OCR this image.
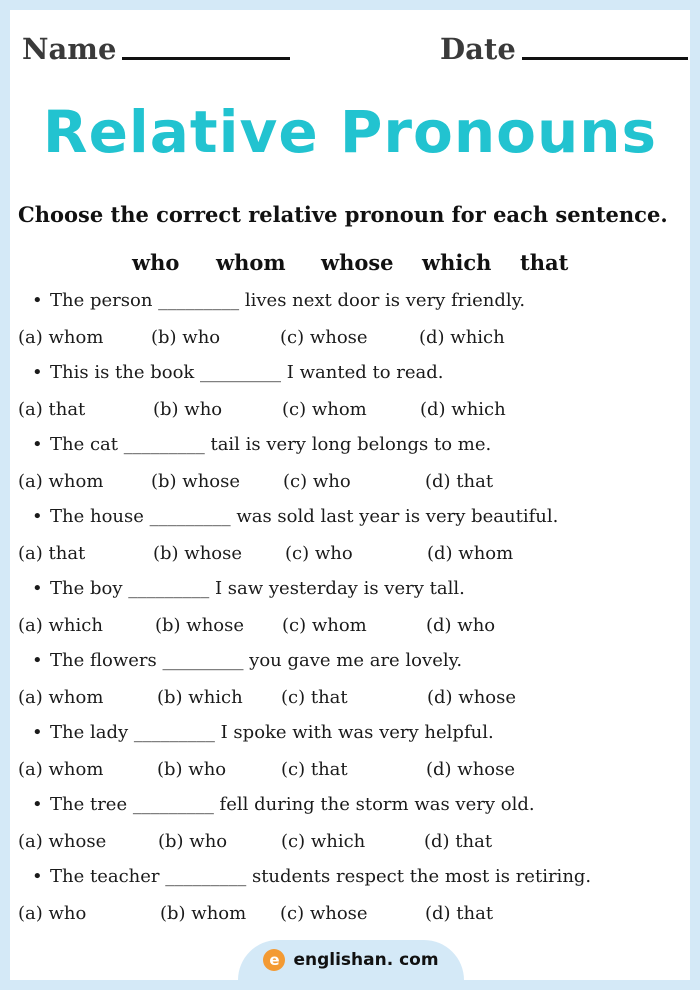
Name	Date
Relative Pronouns
Choose the correct relative pronoun for each sentence.
who whom whose which that
• The person _________ lives next door is very friendly.
(a) whom	(b) who	(c) whose	(d) which
• This is the book _________ I wanted to read.
(a) that	(b) who	(c) whom	(d) which
• The cat _________ tail is very long belongs to me.
(a) whom	(b) whose (c) who	(d) that
• The house _________ was sold last year is very beautiful.
(a) that	(b) whose (c) who	(d) whom
• The boy _________ I saw yesterday is very tall.
(a) which	(b) whose (c) whom	(d) who
• The flowers _________ you gave me are lovely.
(a) whom	(b) which (c) that	(d) whose
• The lady _________ I spoke with was very helpful.
(a) whom	(b) who	(c) that	(d) whose
• The tree _________ fell during the storm was very old.
(a) whose	(b) who	(c) which	(d) that
• The teacher _________ students respect the most is retiring.
(a) who	(b) whom (c) whose	(d) that
e englishan. com
